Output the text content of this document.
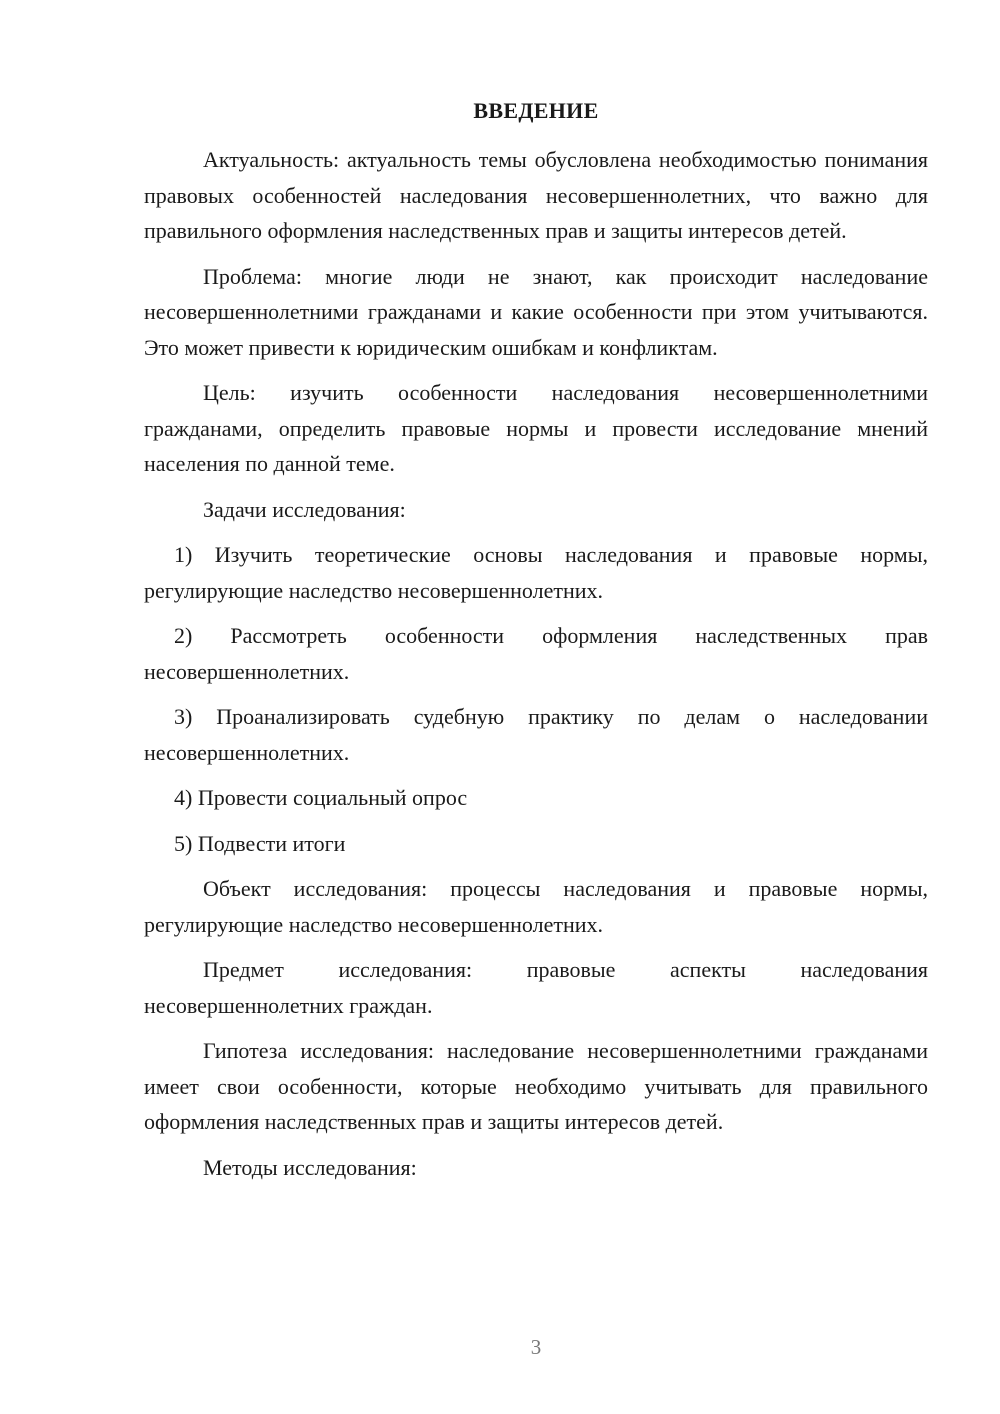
ВВЕДЕНИЕ

Актуальность: актуальность темы обусловлена необходимостью понимания правовых особенностей наследования несовершеннолетних, что важно для правильного оформления наследственных прав и защиты интересов детей.

Проблема: многие люди не знают, как происходит наследование несовершеннолетними гражданами и какие особенности при этом учитываются. Это может привести к юридическим ошибкам и конфликтам.

Цель: изучить особенности наследования несовершеннолетними гражданами, определить правовые нормы и провести исследование мнений населения по данной теме.

Задачи исследования:

1) Изучить теоретические основы наследования и правовые нормы, регулирующие наследство несовершеннолетних.

2) Рассмотреть особенности оформления наследственных прав несовершеннолетних.

3) Проанализировать судебную практику по делам о наследовании несовершеннолетних.

4) Провести социальный опрос

5) Подвести итоги

Объект исследования: процессы наследования и правовые нормы, регулирующие наследство несовершеннолетних.

Предмет исследования: правовые аспекты наследования несовершеннолетних граждан.

Гипотеза исследования: наследование несовершеннолетними гражданами имеет свои особенности, которые необходимо учитывать для правильного оформления наследственных прав и защиты интересов детей.

Методы исследования:

3
